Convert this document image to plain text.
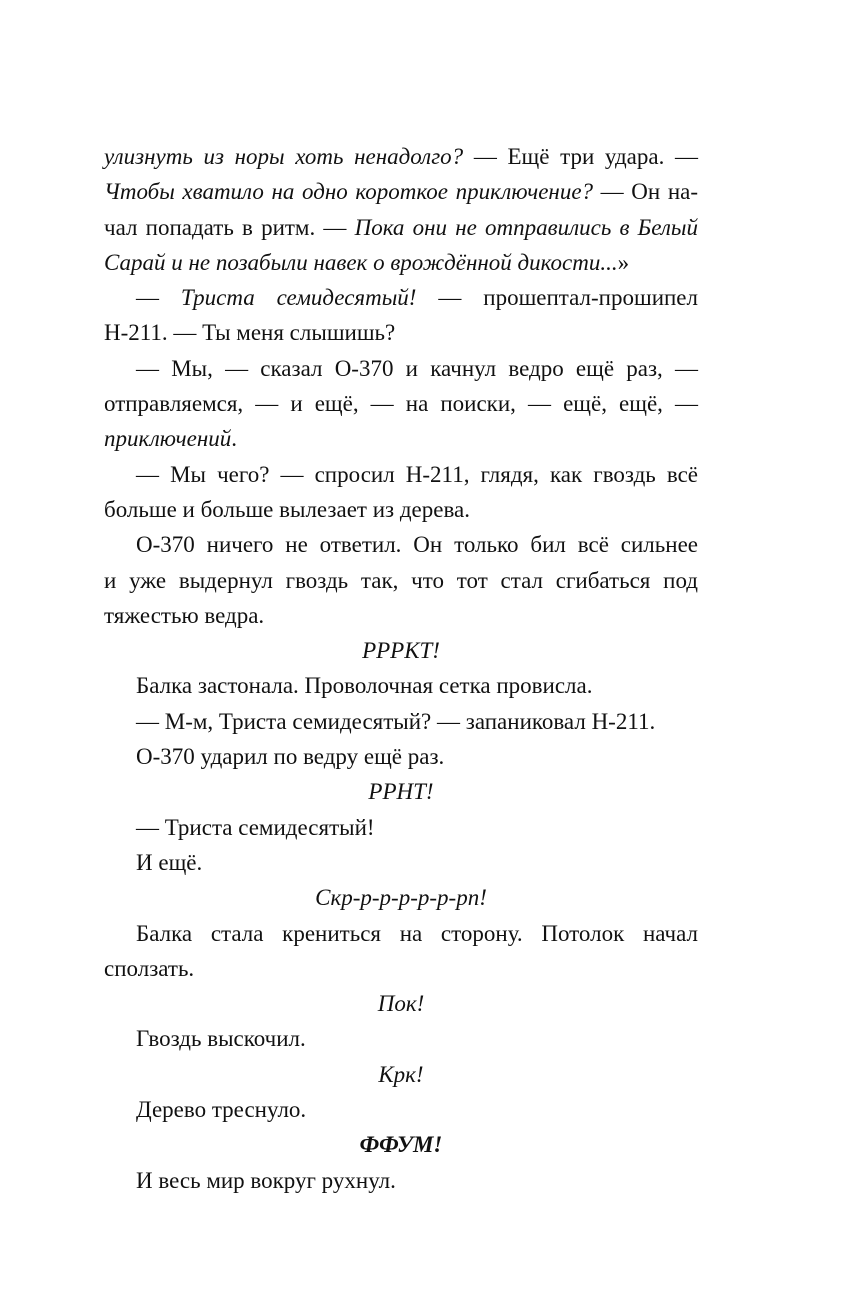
улизнуть из норы хоть ненадолго? — Ещё три удара. —
Чтобы хватило на одно короткое приключение? — Он на-
чал попадать в ритм. — Пока они не отправились в Белый
Сарай и не позабыли навек о врождённой дикости...»
— Триста семидесятый! — прошептал-прошипел
Н-211. — Ты меня слышишь?
— Мы, — сказал О-370 и качнул ведро ещё раз, —
отправляемся, — и ещё, — на поиски, — ещё, ещё, —
приключений.
— Мы чего? — спросил Н-211, глядя, как гвоздь всё
больше и больше вылезает из дерева.
О-370 ничего не ответил. Он только бил всё сильнее
и уже выдернул гвоздь так, что тот стал сгибаться под
тяжестью ведра.
РРРКТ!
Балка застонала. Проволочная сетка провисла.
— М-м, Триста семидесятый? — запаниковал Н-211.
О-370 ударил по ведру ещё раз.
РРНТ!
— Триста семидесятый!
И ещё.
Скр-р-р-р-р-р-рп!
Балка стала крениться на сторону. Потолок начал
сползать.
Пок!
Гвоздь выскочил.
Крк!
Дерево треснуло.
ФФУМ!
И весь мир вокруг рухнул.
